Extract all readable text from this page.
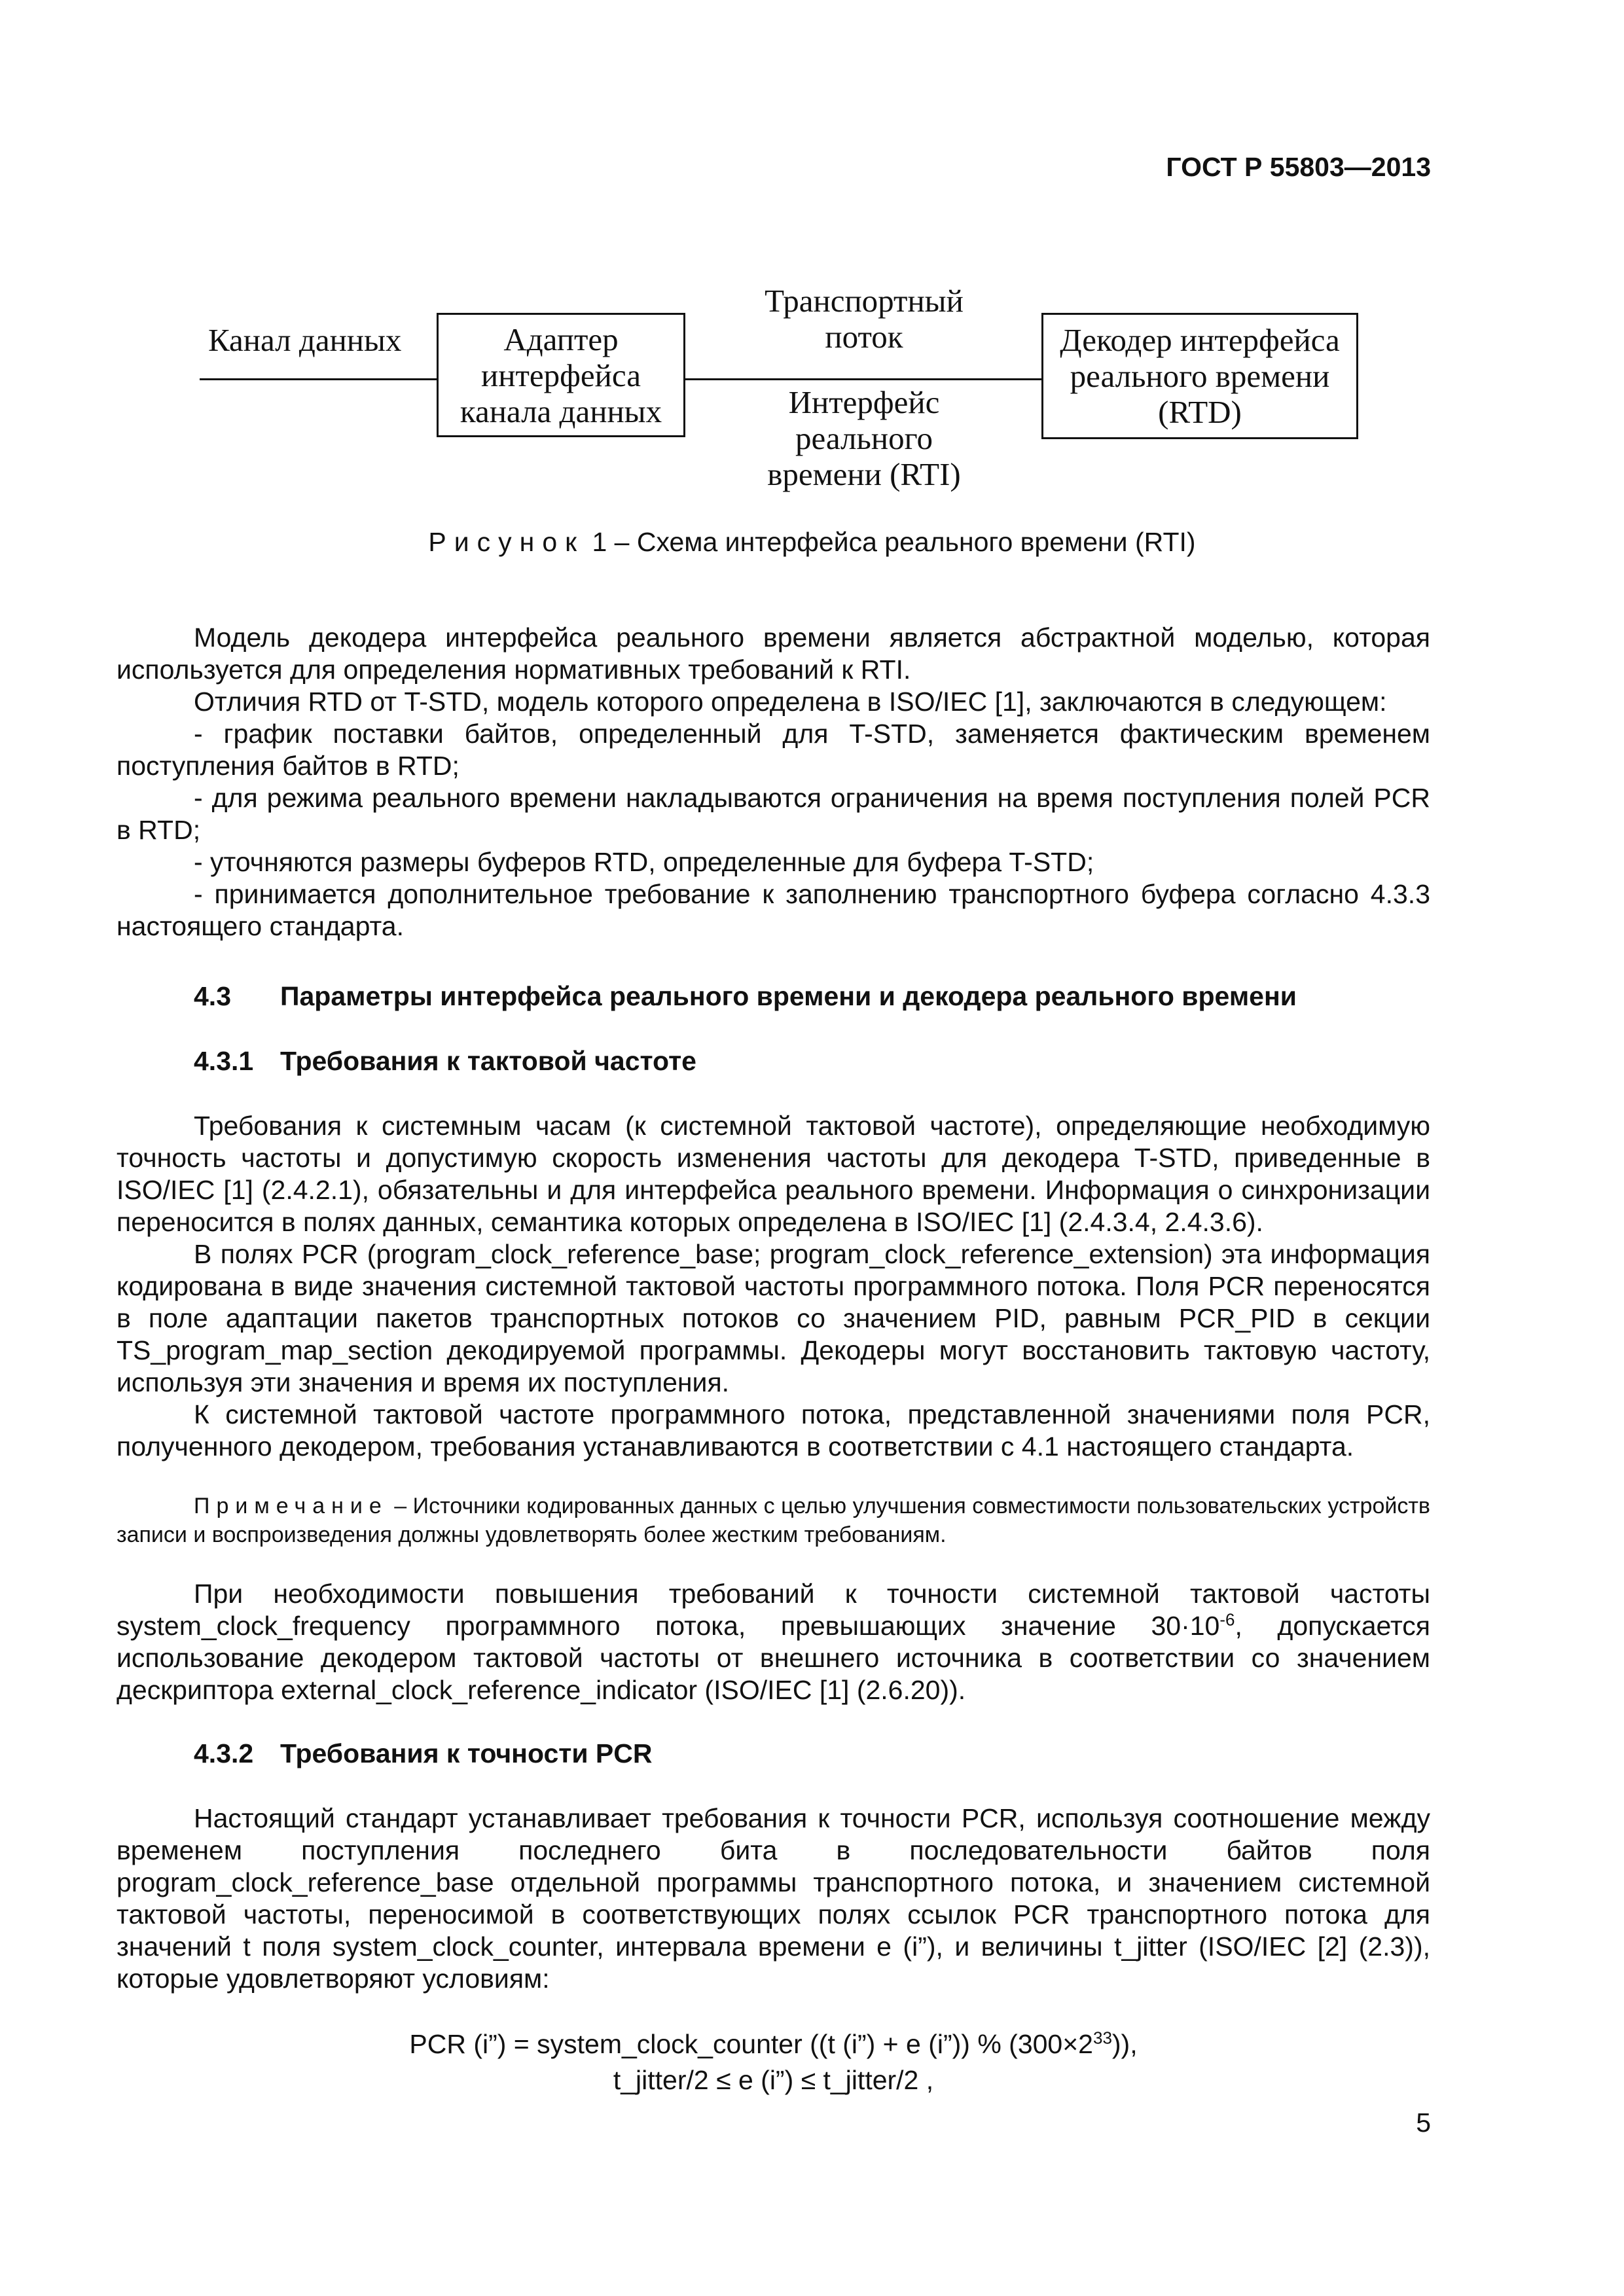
ГОСТ Р 55803—2013
Канал данных	Адаптер
интерфейса
канала данных
Транспортный
поток
Интерфейс
реального
времени (RTI)
Декодер интерфейса
реального времени
(RTD)
Рисунок 1 – Схема интерфейса реального времени (RTI)

Модель декодера интерфейса реального времени является абстрактной моделью, которая используется для определения нормативных требований к RTI.

Отличия RTD от T-STD, модель которого определена в ISO/IEC [1], заключаются в следующем:

- график поставки байтов, определенный для T-STD, заменяется фактическим временем поступления байтов в RTD;

- для режима реального времени накладываются ограничения на время поступления полей PCR в RTD;

- уточняются размеры буферов RTD, определенные для буфера T-STD;

- принимается дополнительное требование к заполнению транспортного буфера согласно 4.3.3 настоящего стандарта.

4.3 Параметры интерфейса реального времени и декодера реального времени
4.3.1 Требования к тактовой частоте

Требования к системным часам (к системной тактовой частоте), определяющие необходимую точность частоты и допустимую скорость изменения частоты для декодера T-STD, приведенные в ISO/IEC [1] (2.4.2.1), обязательны и для интерфейса реального времени. Информация о синхронизации переносится в полях данных, семантика которых определена в ISO/IEC [1] (2.4.3.4, 2.4.3.6).

В полях PCR (program_clock_reference_base; program_clock_reference_extension) эта информация кодирована в виде значения системной тактовой частоты программного потока. Поля PCR переносятся в поле адаптации пакетов транспортных потоков со значением PID, равным PCR_PID в секции TS_program_map_section декодируемой программы. Декодеры могут восстановить тактовую частоту, используя эти значения и время их поступления.

К системной тактовой частоте программного потока, представленной значениями поля PCR, полученного декодером, требования устанавливаются в соответствии с 4.1 настоящего стандарта.

Примечание – Источники кодированных данных с целью улучшения совместимости пользовательских устройств записи и воспроизведения должны удовлетворять более жестким требованиям.

При необходимости повышения требований к точности системной тактовой частоты system_clock_frequency программного потока, превышающих значение $30\cdot 10^{-6}$, допускается использование декодером тактовой частоты от внешнего источника в соответствии со значением дескриптора external_clock_reference_indicator (ISO/IEC [1] (2.6.20)).

4.3.2 Требования к точности PCR

Настоящий стандарт устанавливает требования к точности PCR, используя соотношение между временем поступления последнего бита в последовательности байтов поля program_clock_reference_base отдельной программы транспортного потока, и значением системной тактовой частоты, переносимой в соответствующих полях ссылок PCR транспортного потока для значений t поля system_clock_counter, интервала времени e (i”), и величины t_jitter (ISO/IEC [2] (2.3)), которые удовлетворяют условиям:

PCR (i”) = system_clock_counter ((t (i”) + e (i”)) % $(300\times 2^{33})$),
t_jitter/2 ≤ e (i”) ≤ t_jitter/2 ,
5
